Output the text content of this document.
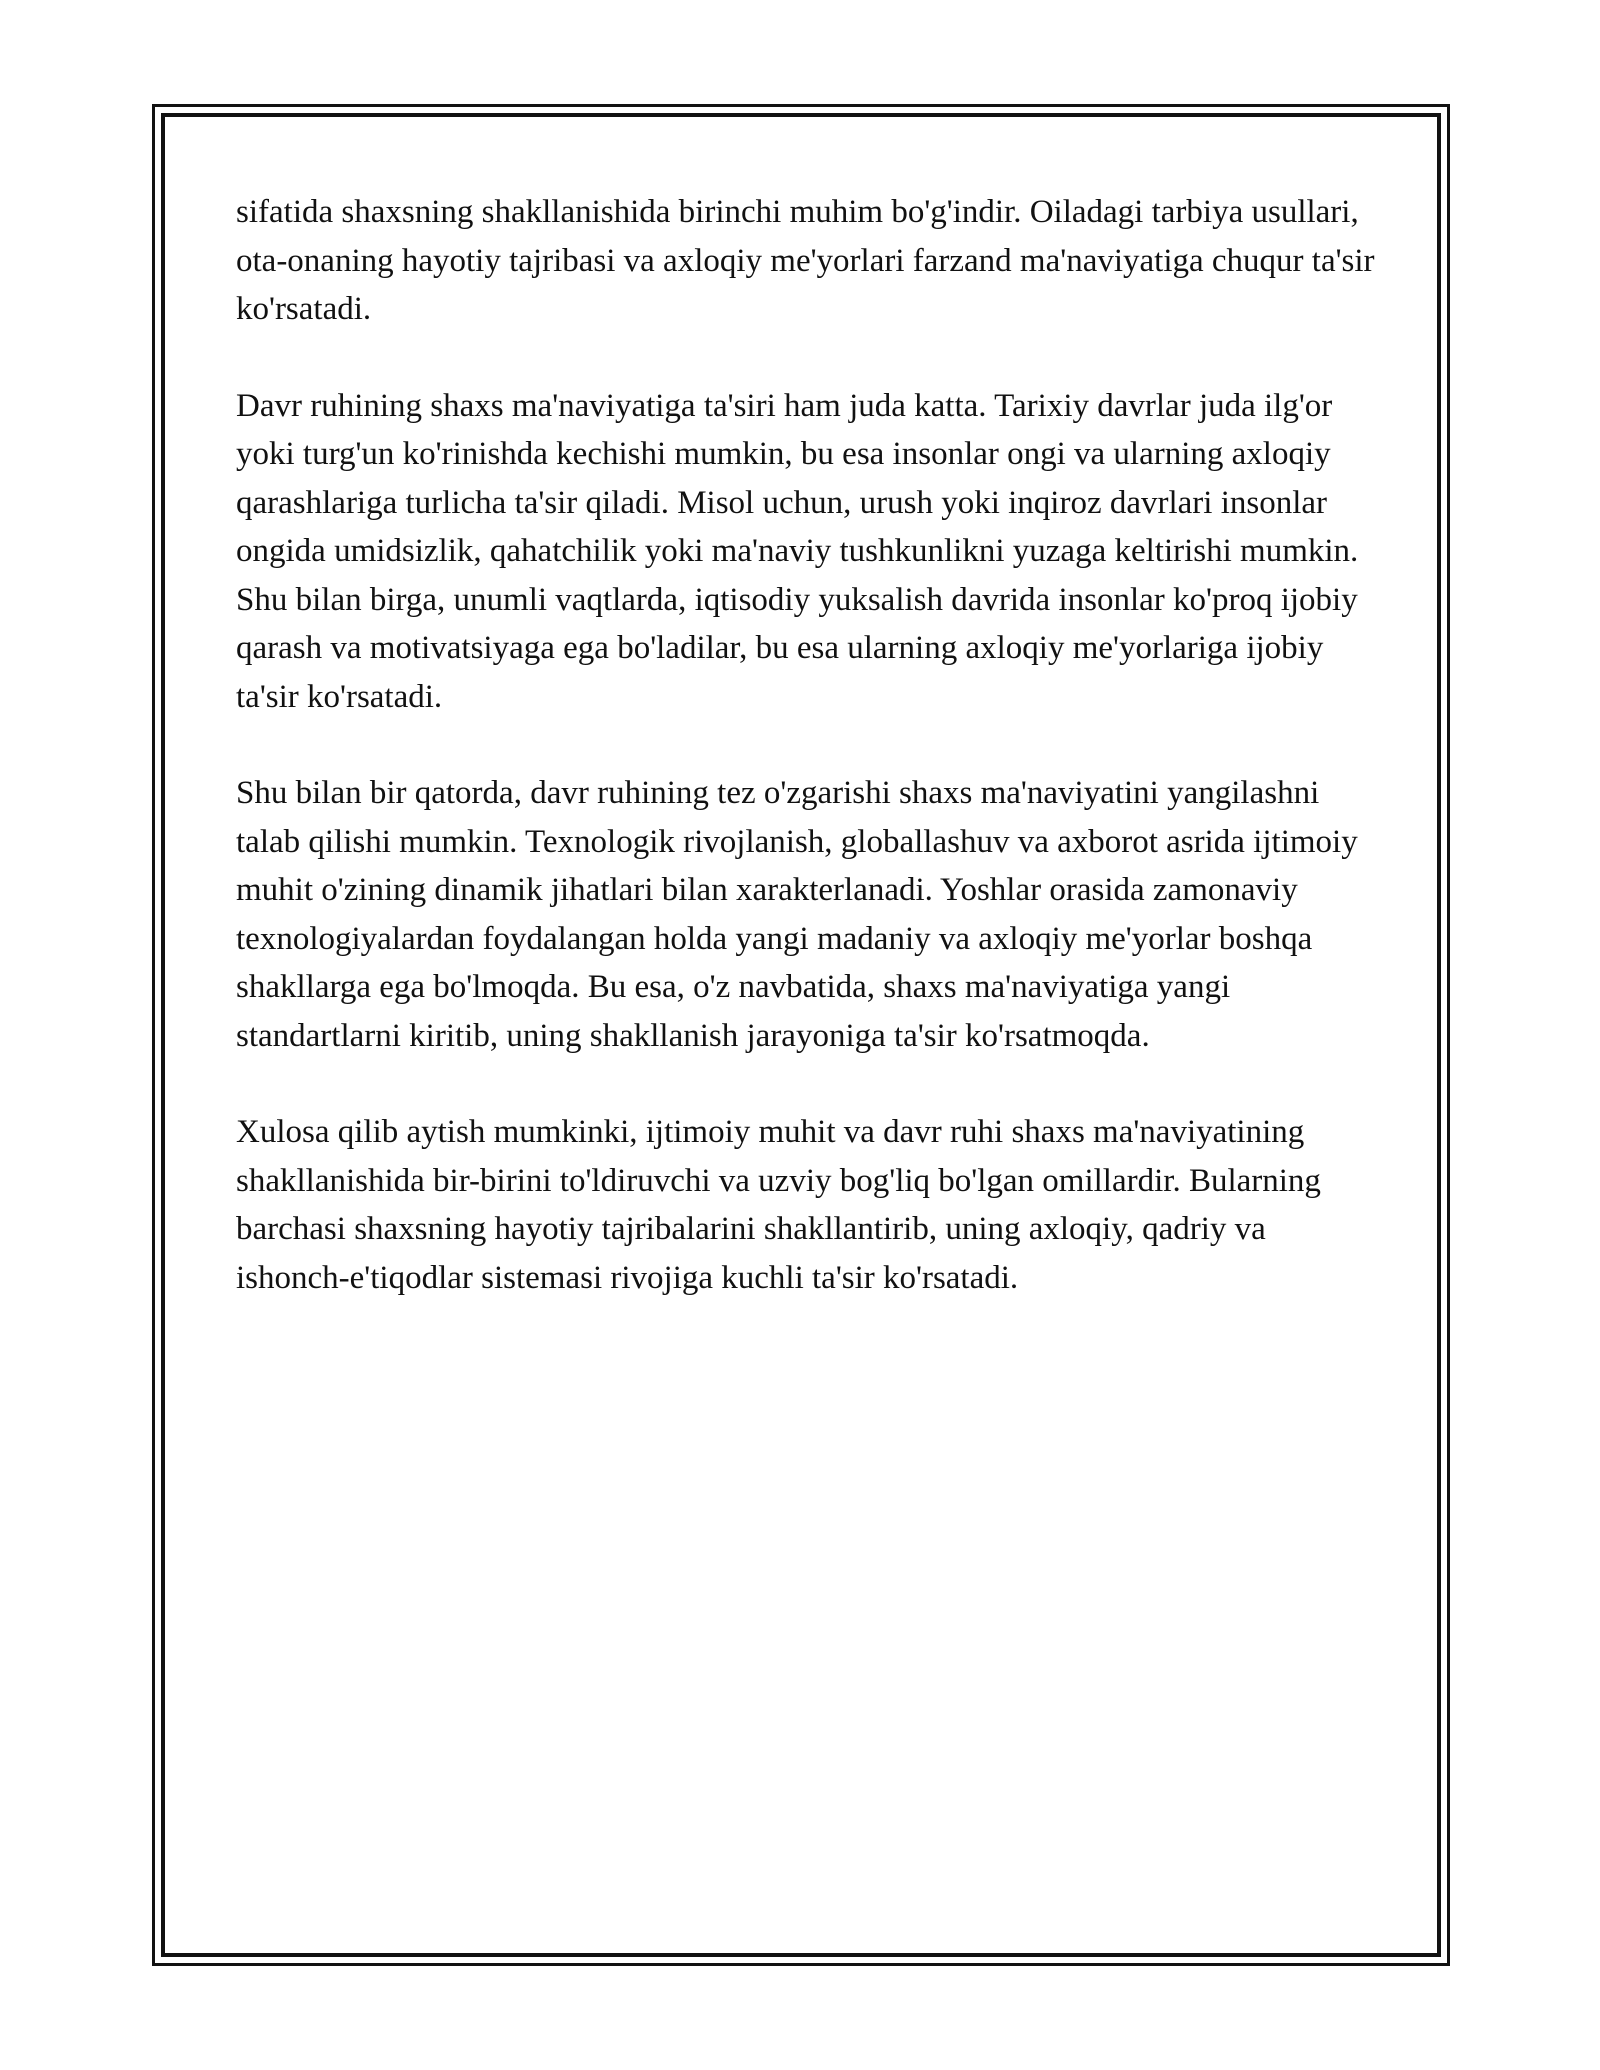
sifatida shaxsning shakllanishida birinchi muhim bo'g'indir. Oiladagi tarbiya usullari, ota-onaning hayotiy tajribasi va axloqiy me'yorlari farzand ma'naviyatiga chuqur ta'sir ko'rsatadi.

Davr ruhining shaxs ma'naviyatiga ta'siri ham juda katta. Tarixiy davrlar juda ilg'or yoki turg'un ko'rinishda kechishi mumkin, bu esa insonlar ongi va ularning axloqiy qarashlariga turlicha ta'sir qiladi. Misol uchun, urush yoki inqiroz davrlari insonlar ongida umidsizlik, qahatchilik yoki ma'naviy tushkunlikni yuzaga keltirishi mumkin. Shu bilan birga, unumli vaqtlarda, iqtisodiy yuksalish davrida insonlar ko'proq ijobiy qarash va motivatsiyaga ega bo'ladilar, bu esa ularning axloqiy me'yorlariga ijobiy ta'sir ko'rsatadi.

Shu bilan bir qatorda, davr ruhining tez o'zgarishi shaxs ma'naviyatini yangilashni talab qilishi mumkin. Texnologik rivojlanish, globallashuv va axborot asrida ijtimoiy muhit o'zining dinamik jihatlari bilan xarakterlanadi. Yoshlar orasida zamonaviy texnologiyalardan foydalangan holda yangi madaniy va axloqiy me'yorlar boshqa shakllarga ega bo'lmoqda. Bu esa, o'z navbatida, shaxs ma'naviyatiga yangi standartlarni kiritib, uning shakllanish jarayoniga ta'sir ko'rsatmoqda.

Xulosa qilib aytish mumkinki, ijtimoiy muhit va davr ruhi shaxs ma'naviyatining shakllanishida bir-birini to'ldiruvchi va uzviy bog'liq bo'lgan omillardir. Bularning barchasi shaxsning hayotiy tajribalarini shakllantirib, uning axloqiy, qadriy va ishonch-e'tiqodlar sistemasi rivojiga kuchli ta'sir ko'rsatadi.
